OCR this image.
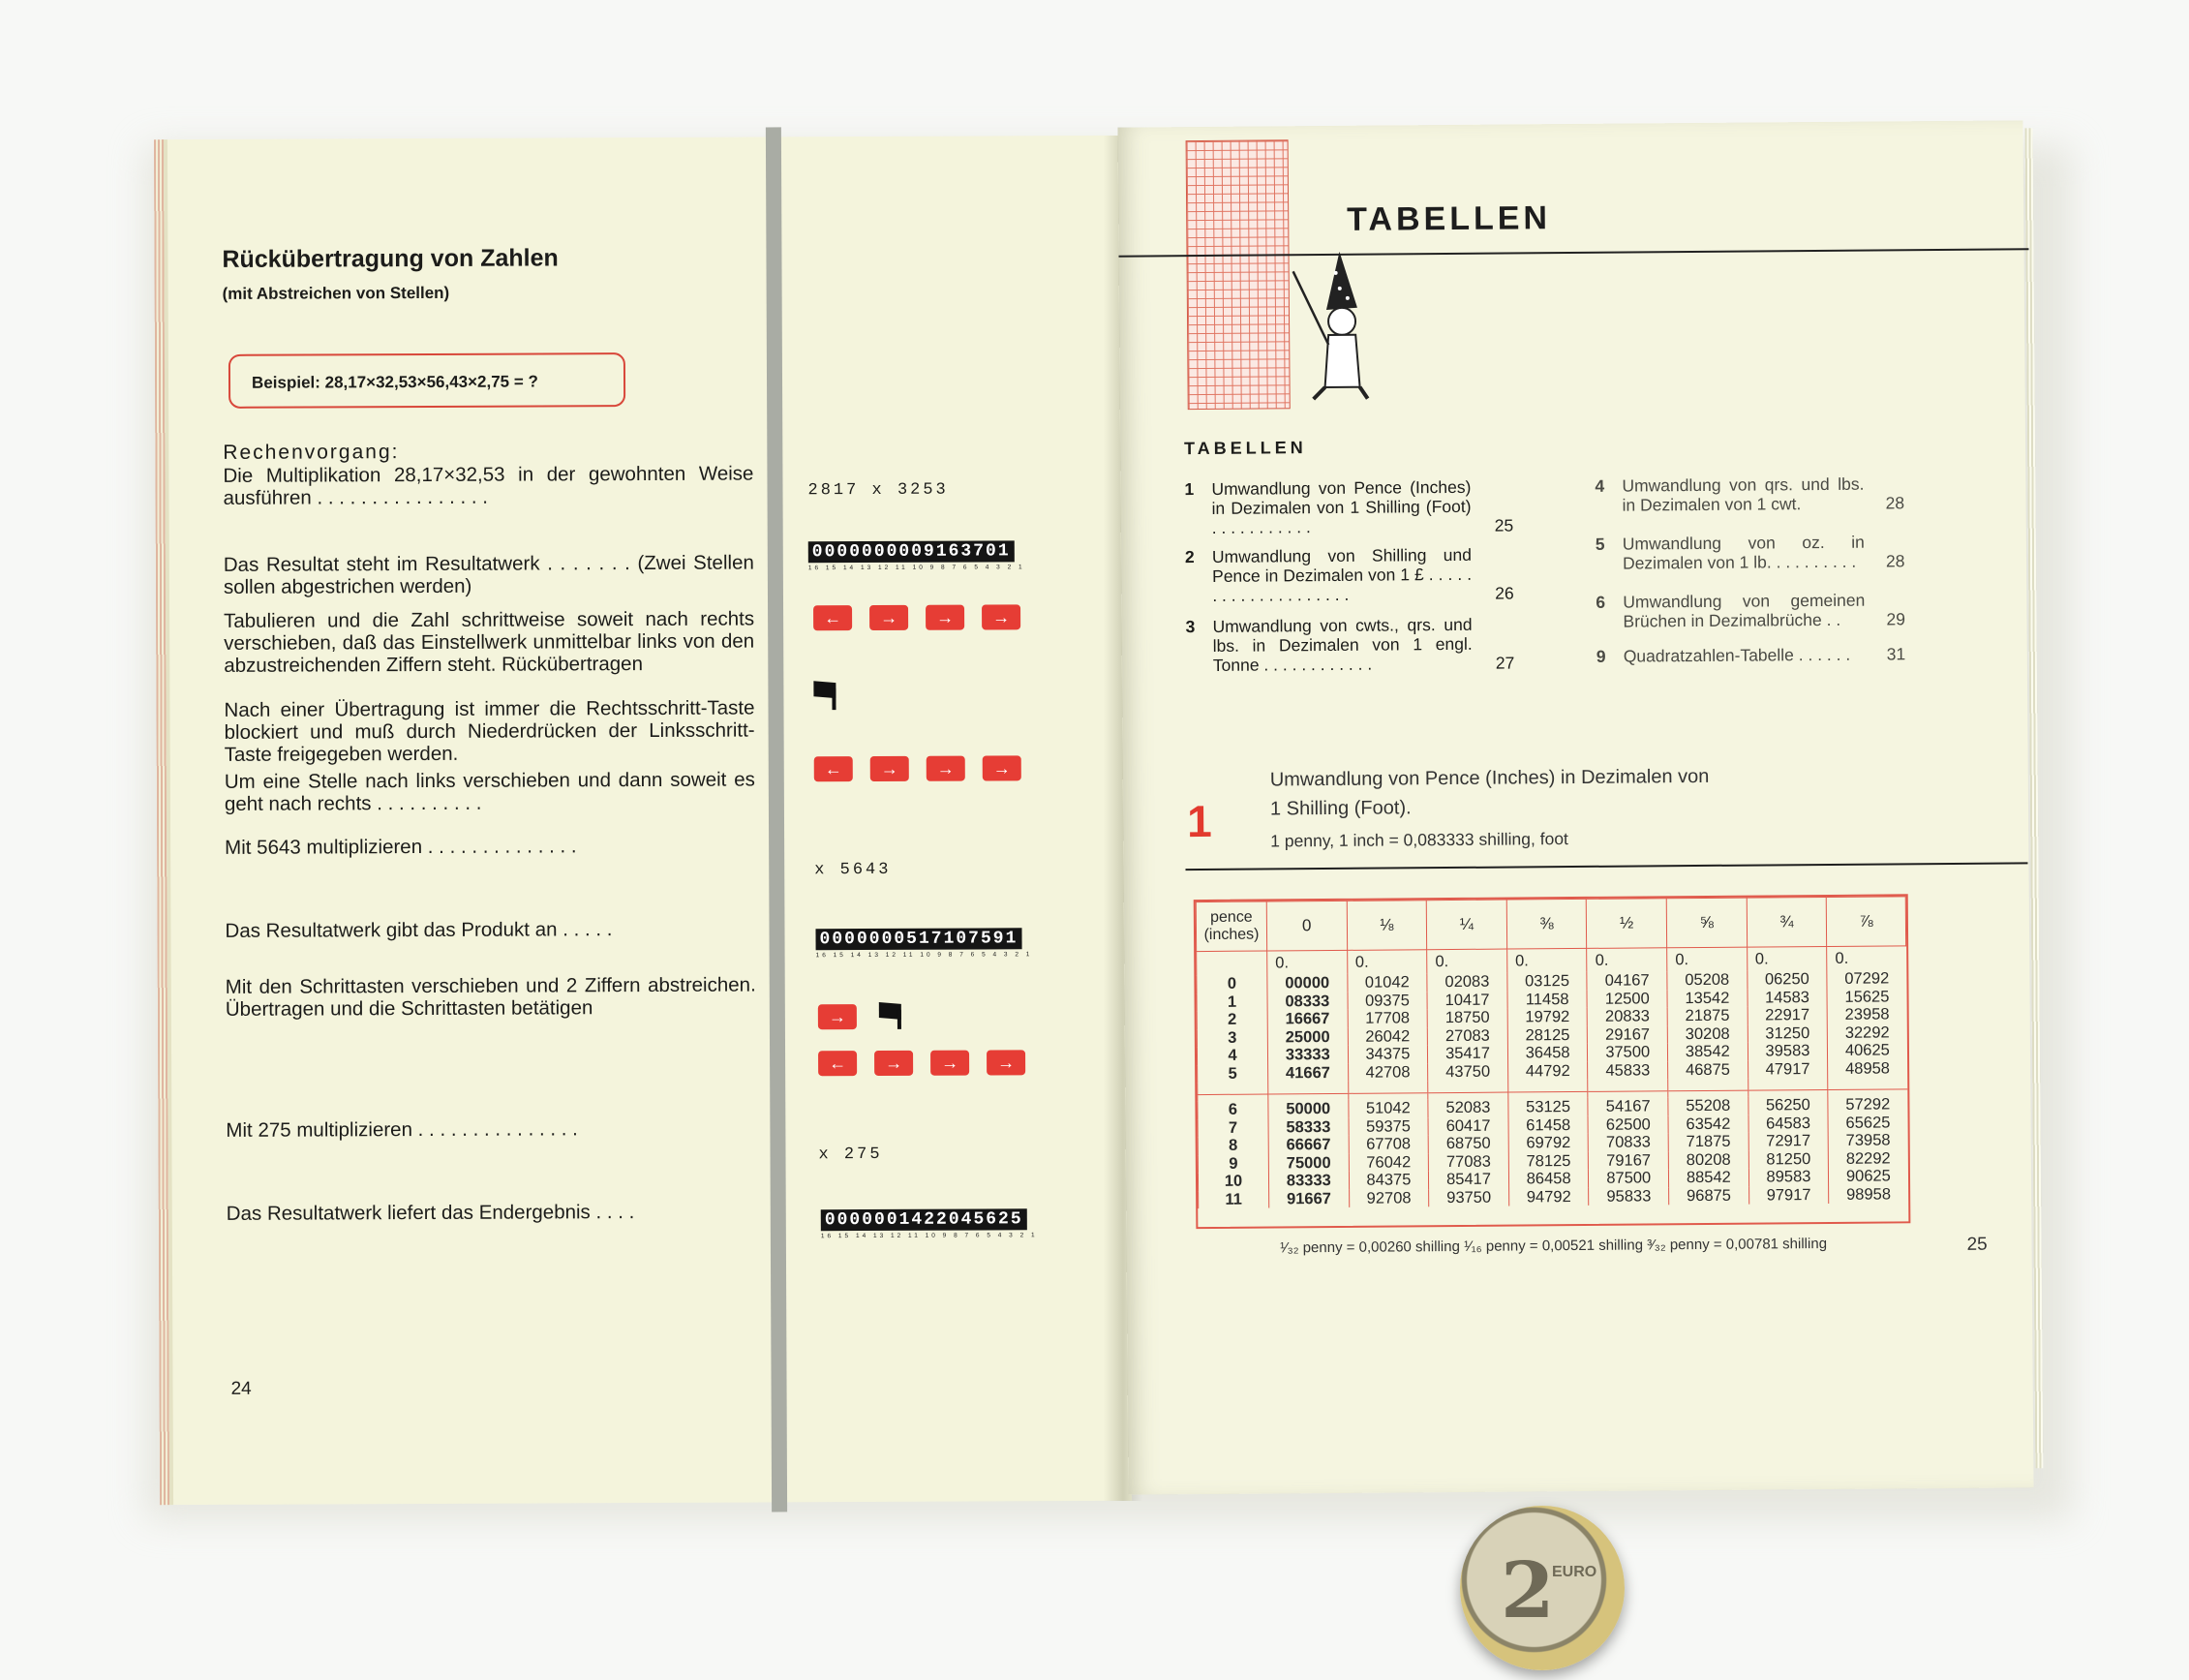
Rückübertragung von Zahlen
(mit Abstreichen von Stellen)
Beispiel: 28,17×32,53×56,43×2,75 = ?
Rechenvorgang:
Die Multiplikation 28,17×32,53 in der gewohnten Weise ausführen . . . . . . . . . . . . . . . .
Das Resultat steht im Resultatwerk . . . . . . . (Zwei Stellen sollen abgestrichen werden)
Tabulieren und die Zahl schrittweise soweit nach rechts verschieben, daß das Einstellwerk unmittelbar links von den abzustreichenden Ziffern steht. Rückübertragen
Nach einer Übertragung ist immer die Rechtsschritt-Taste blockiert und muß durch Niederdrücken der Linksschritt-Taste freigegeben werden.
Um eine Stelle nach links verschieben und dann soweit es geht nach rechts . . . . . . . . . .
Mit 5643 multiplizieren . . . . . . . . . . . . . .
Das Resultatwerk gibt das Produkt an . . . . .
Mit den Schrittasten verschieben und 2 Ziffern abstreichen. Übertragen und die Schrittasten betätigen
Mit 275 multiplizieren . . . . . . . . . . . . . . .
Das Resultatwerk liefert das Endergebnis . . . .
24
2817 x 3253
0000000009163701
16 15 14 13 12 11 10 9 8 7 6 5 4 3 2 1
← → → →
← → → →
x 5643
0000000517107591
16 15 14 13 12 11 10 9 8 7 6 5 4 3 2 1
→
← → → →
x 275
0000001422045625
16 15 14 13 12 11 10 9 8 7 6 5 4 3 2 1
TABELLEN
TABELLEN
1 Umwandlung von Pence (Inches) in Dezimalen von 1 Shilling (Foot) . . . . . . . . . . .	25
2 Umwandlung von Shilling und Pence in Dezimalen von 1 £ . . . . . . . . . . . . . . . . . . . .	26
3 Umwandlung von cwts., qrs. und lbs. in Dezimalen von 1 engl. Tonne . . . . . . . . . . . .	27
4 Umwandlung von qrs. und lbs. in Dezimalen von 1 cwt.	28
5 Umwandlung von oz. in Dezimalen von 1 lb. . . . . . . . . .	28
6 Umwandlung von gemeinen Brüchen in Dezimalbrüche . .	29
9 Quadratzahlen-Tabelle . . . . . .	31
1
Umwandlung von Pence (Inches) in Dezimalen von
1 Shilling (Foot).
1 penny, 1 inch = 0,083333 shilling, foot
pence
(inches)	0	⅛	¼	⅜	½	⅝	¾	⅞
	0.	0.	0.	0.	0.	0.	0.	0.
0	00000	01042	02083	03125	04167	05208	06250	07292
1	08333	09375	10417	11458	12500	13542	14583	15625
2	16667	17708	18750	19792	20833	21875	22917	23958
3	25000	26042	27083	28125	29167	30208	31250	32292
4	33333	34375	35417	36458	37500	38542	39583	40625
5	41667	42708	43750	44792	45833	46875	47917	48958

6	50000	51042	52083	53125	54167	55208	56250	57292
7	58333	59375	60417	61458	62500	63542	64583	65625
8	66667	67708	68750	69792	70833	71875	72917	73958
9	75000	76042	77083	78125	79167	80208	81250	82292
10	83333	84375	85417	86458	87500	88542	89583	90625
11	91667	92708	93750	94792	95833	96875	97917	98958
¹⁄₃₂ penny = 0,00260 shilling ¹⁄₁₆ penny = 0,00521 shilling ³⁄₃₂ penny = 0,00781 shilling	25
2
EURO
